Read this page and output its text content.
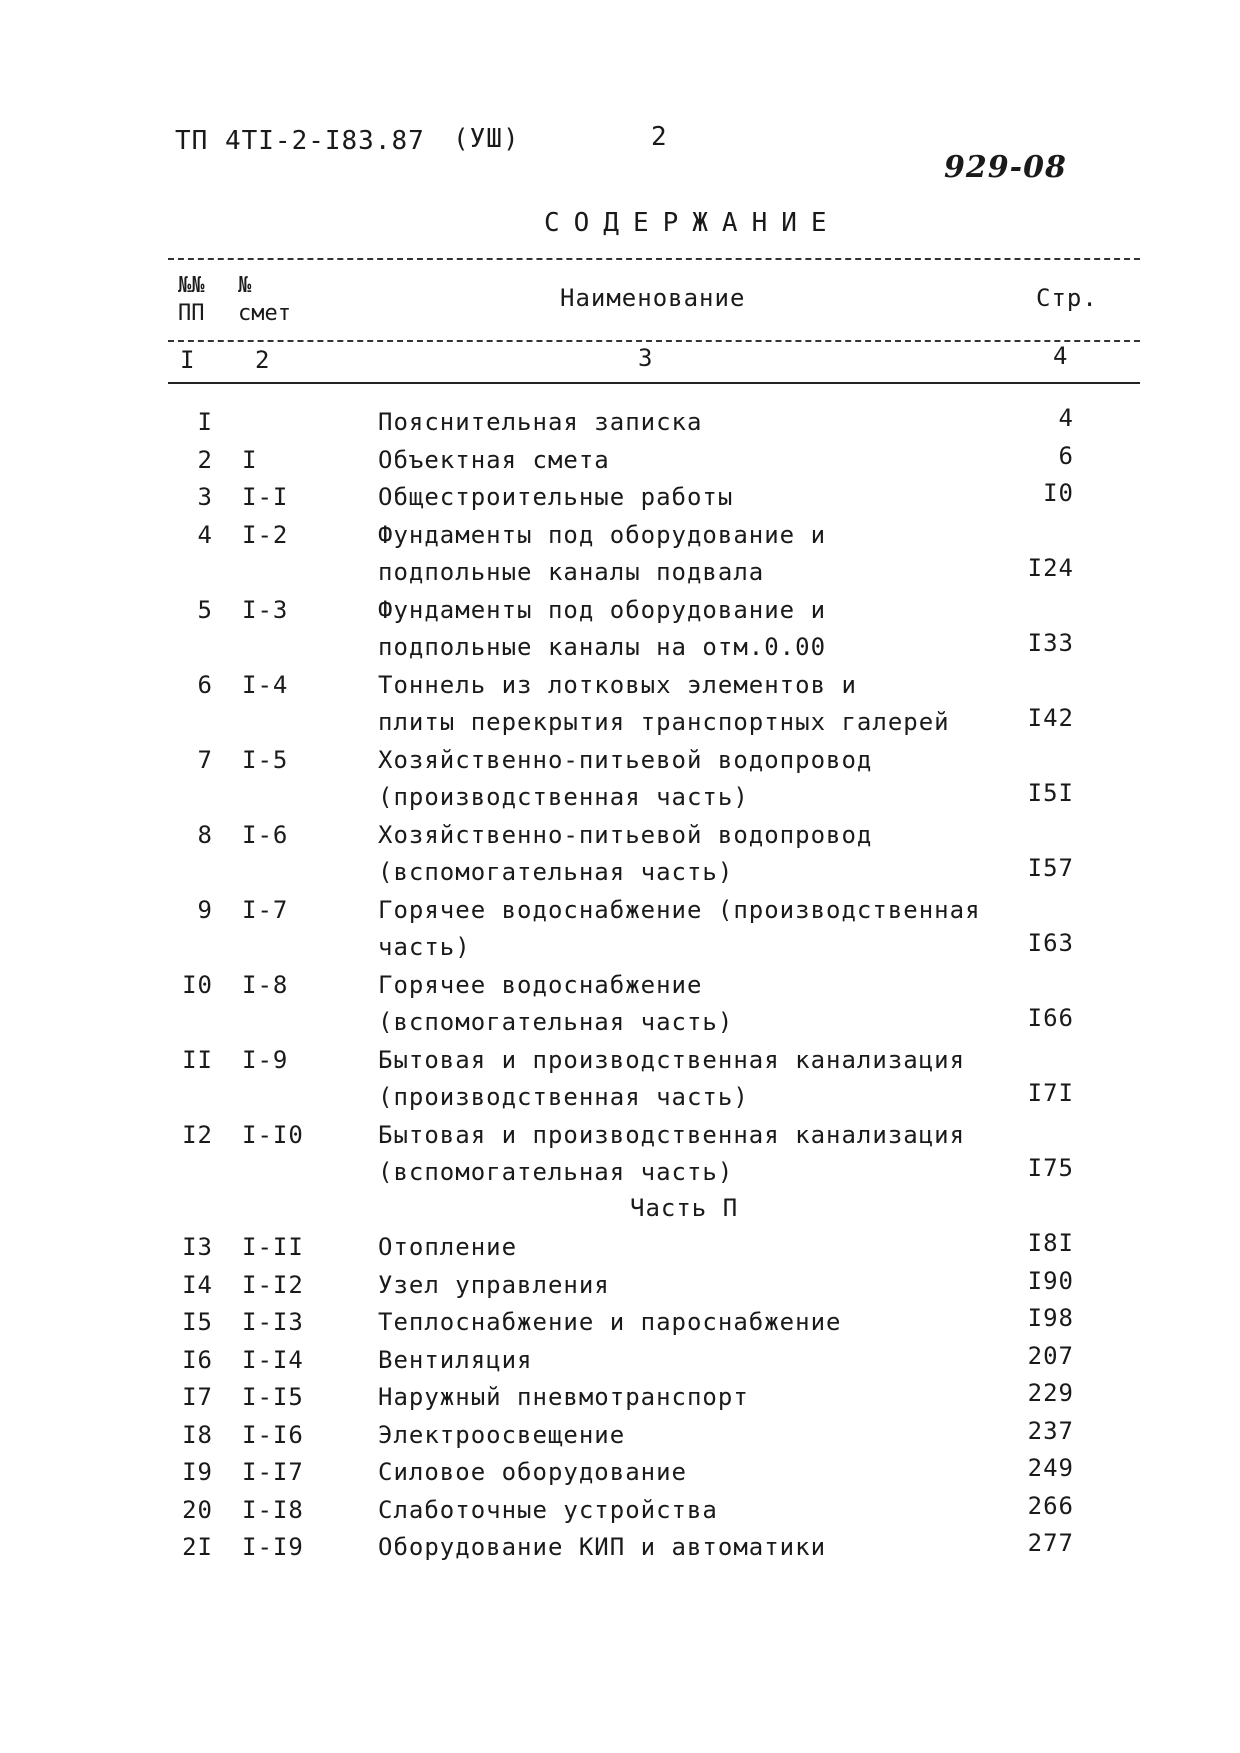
ТП 4ТI-2-I83.87 (УШ)	2
929-08
СОДЕРЖАНИЕ
№№ ПП
№ смет
Наименование	Стр.
I 2	3	4
I	Пояснительная записка	4
2 I	Объектная смета	6
3 I-I	Общестроительные работы	I0
4 I-2	Фундаменты под оборудование и
подпольные каналы подвала	I24
5 I-3	Фундаменты под оборудование и
подпольные каналы на отм.0.00	I33
6 I-4	Тоннель из лотковых элементов и
плиты перекрытия транспортных галерей	I42
7 I-5	Хозяйственно-питьевой водопровод
(производственная часть)	I5I
8 I-6	Хозяйственно-питьевой водопровод
(вспомогательная часть)	I57
9 I-7	Горячее водоснабжение (производственная
часть)	I63
I0 I-8	Горячее водоснабжение
(вспомогательная часть)	I66
II I-9	Бытовая и производственная канализация
(производственная часть)	I7I
I2 I-I0	Бытовая и производственная канализация
(вспомогательная часть)	I75
Часть П
I3 I-II	Отопление	I8I
I4 I-I2	Узел управления	I90
I5 I-I3	Теплоснабжение и пароснабжение	I98
I6 I-I4	Вентиляция	207
I7 I-I5	Наружный пневмотранспорт	229
I8 I-I6	Электроосвещение	237
I9 I-I7	Силовое оборудование	249
20 I-I8	Слаботочные устройства	266
2I I-I9	Оборудование КИП и автоматики	277
